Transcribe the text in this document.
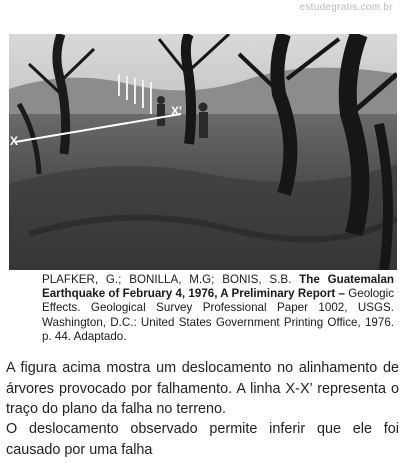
estudegratis.com.br
X
X'
PLAFKER, G.; BONILLA, M.G; BONIS, S.B. The Guatemalan Earthquake of February 4, 1976, A Preliminary Report – Geologic Effects. Geological Survey Professional Paper 1002, USGS. Washington, D.C.: United States Government Printing Office, 1976. p. 44. Adaptado.
A figura acima mostra um deslocamento no alinhamento de árvores provocado por falhamento. A linha X-X’ representa o traço do plano da falha no terreno.
O deslocamento observado permite inferir que ele foi causado por uma falha
